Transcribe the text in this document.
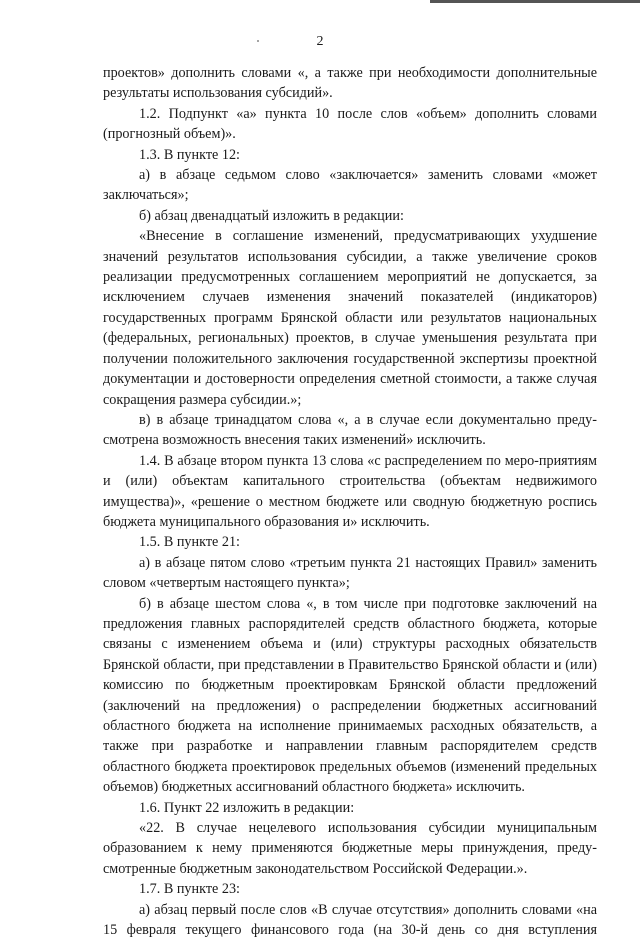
2

проектов» дополнить словами «, а также при необходимости дополнительные результаты использования субсидий».

1.2. Подпункт «а» пункта 10 после слов «объем» дополнить словами (прогнозный объем)».

1.3. В пункте 12:

а) в абзаце седьмом слово «заключается» заменить словами «может заключаться»;

б) абзац двенадцатый изложить в редакции:

«Внесение в соглашение изменений, предусматривающих ухудшение значений результатов использования субсидии, а также увеличение сроков реализации предусмотренных соглашением мероприятий не допускается, за исключением случаев изменения значений показателей (индикаторов) государственных программ Брянской области или результатов национальных (федеральных, региональных) проектов, в случае уменьшения результата при получении положительного заключения государственной экспертизы проектной документации и достоверности определения сметной стоимости, а также случая сокращения размера субсидии.»;

в) в абзаце тринадцатом слова «, а в случае если документально преду-смотрена возможность внесения таких изменений» исключить.

1.4. В абзаце втором пункта 13 слова «с распределением по меро-приятиям и (или) объектам капитального строительства (объектам недвижимого имущества)», «решение о местном бюджете или сводную бюджетную роспись бюджета муниципального образования и» исключить.

1.5. В пункте 21:

а) в абзаце пятом слово «третьим пункта 21 настоящих Правил» заменить словом «четвертым настоящего пункта»;

б) в абзаце шестом слова «, в том числе при подготовке заключений на предложения главных распорядителей средств областного бюджета, которые связаны с изменением объема и (или) структуры расходных обязательств Брянской области, при представлении в Правительство Брянской области и (или) комиссию по бюджетным проектировкам Брянской области предложений (заключений на предложения) о распределении бюджетных ассигнований областного бюджета на исполнение принимаемых расходных обязательств, а также при разработке и направлении главным распорядителем средств областного бюджета проектировок предельных объемов (изменений предельных объемов) бюджетных ассигнований областного бюджета» исключить.

1.6. Пункт 22 изложить в редакции:

«22. В случае нецелевого использования субсидии муниципальным образованием к нему применяются бюджетные меры принуждения, преду-смотренные бюджетным законодательством Российской Федерации.».

1.7. В пункте 23:

а) абзац первый после слов «В случае отсутствия» дополнить словами «на 15 февраля текущего финансового года (на 30-й день со дня вступления
